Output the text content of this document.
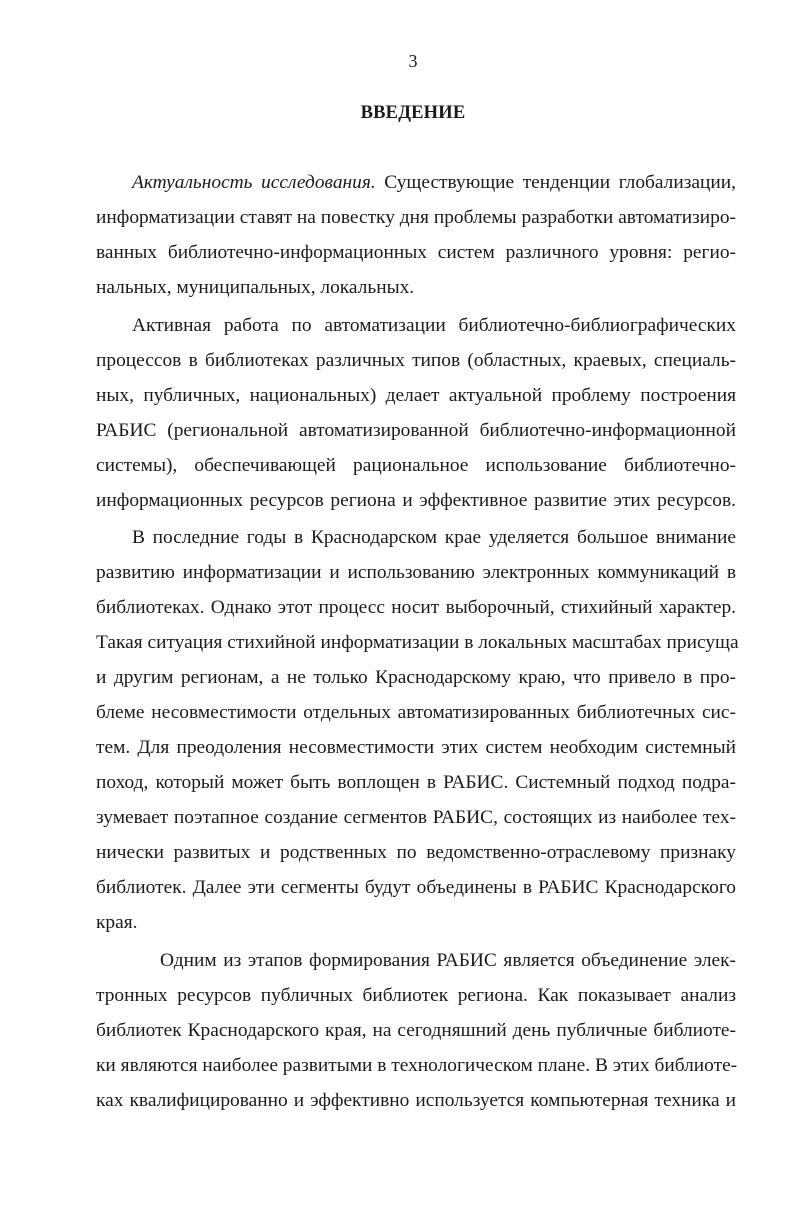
3
ВВЕДЕНИЕ
Актуальность исследования. Существующие тенденции глобализации,
информатизации ставят на повестку дня проблемы разработки автоматизиро-
ванных библиотечно-информационных систем различного уровня: регио-
нальных, муниципальных, локальных.
Активная работа по автоматизации библиотечно-библиографических
процессов в библиотеках различных типов (областных, краевых, специаль-
ных, публичных, национальных) делает актуальной проблему построения
РАБИС (региональной автоматизированной библиотечно-информационной
системы), обеспечивающей рациональное использование библиотечно-
информационных ресурсов региона и эффективное развитие этих ресурсов.
В последние годы в Краснодарском крае уделяется большое внимание
развитию информатизации и использованию электронных коммуникаций в
библиотеках. Однако этот процесс носит выборочный, стихийный характер.
Такая ситуация стихийной информатизации в локальных масштабах присуща
и другим регионам, а не только Краснодарскому краю, что привело в про-
блеме несовместимости отдельных автоматизированных библиотечных сис-
тем. Для преодоления несовместимости этих систем необходим системный
поход, который может быть воплощен в РАБИС. Системный подход подра-
зумевает поэтапное создание сегментов РАБИС, состоящих из наиболее тех-
нически развитых и родственных по ведомственно-отраслевому признаку
библиотек. Далее эти сегменты будут объединены в РАБИС Краснодарского
края.
Одним из этапов формирования РАБИС является объединение элек-
тронных ресурсов публичных библиотек региона. Как показывает анализ
библиотек Краснодарского края, на сегодняшний день публичные библиоте-
ки являются наиболее развитыми в технологическом плане. В этих библиоте-
ках квалифицированно и эффективно используется компьютерная техника и
